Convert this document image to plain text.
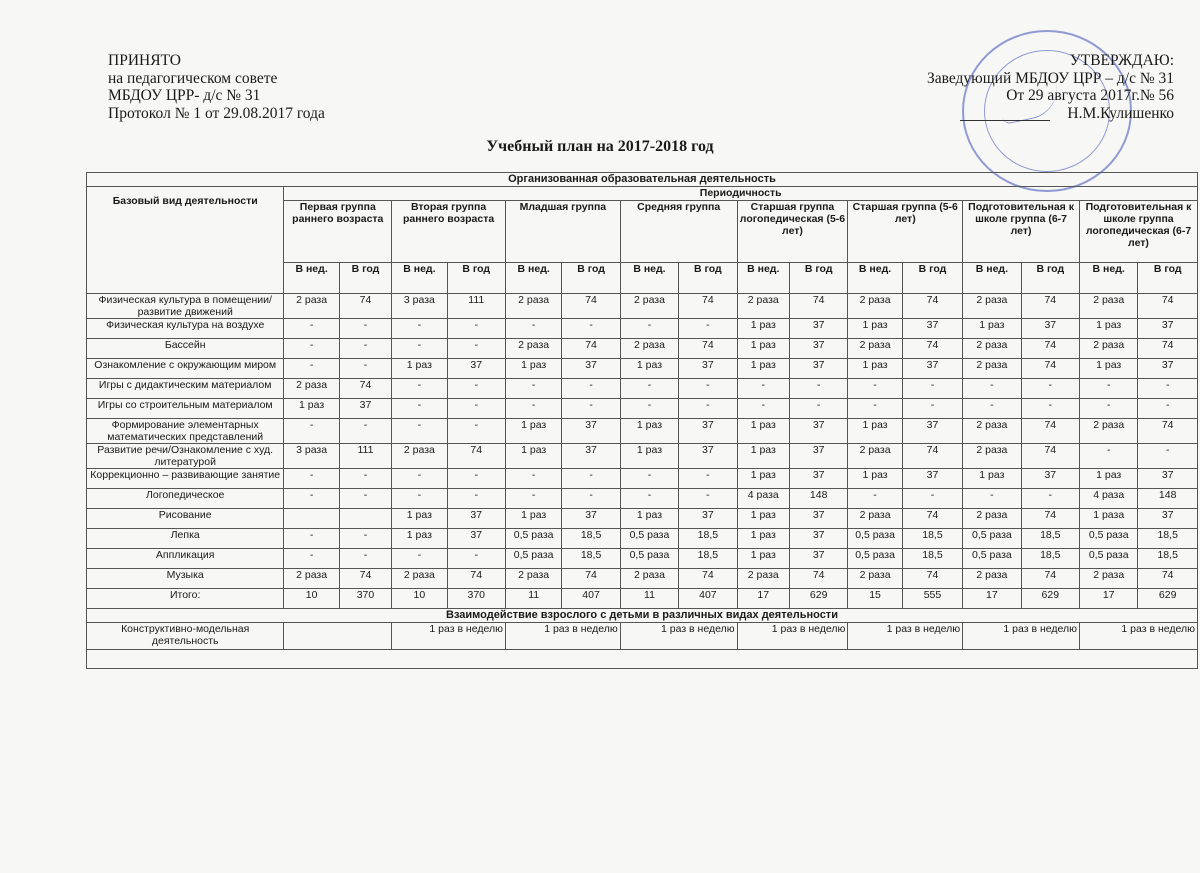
ПРИНЯТО
на педагогическом совете
МБДОУ ЦРР- д/с № 31
Протокол № 1 от 29.08.2017 года
УТВЕРЖДАЮ:
Заведующий МБДОУ ЦРР – д/с № 31
От 29 августа 2017г.№ 56
Н.М.Кулишенко
Учебный план на 2017-2018 год
Организованная образовательная деятельность																
Базовый вид деятельности	Периодичность															
	Первая группа раннего возраста		Вторая группа раннего возраста		Младшая группа		Средняя группа		Старшая группа логопедическая (5-6 лет)		Старшая группа (5-6 лет)		Подготовительная к школе группа (6-7 лет)		Подготовительная к школе группа логопедическая (6-7 лет)	
	В нед.	В год	В нед.	В год	В нед.	В год	В нед.	В год	В нед.	В год	В нед.	В год	В нед.	В год	В нед.	В год
Физическая культура в помещении/развитие движений	2 раза	74	3 раза	111	2 раза	74	2 раза	74	2 раза	74	2 раза	74	2 раза	74	2 раза	74
Физическая культура на воздухе	-	-	-	-	-	-	-	-	1 раз	37	1 раз	37	1 раз	37	1 раз	37
Бассейн	-	-	-	-	2 раза	74	2 раза	74	1 раз	37	2 раза	74	2 раза	74	2 раза	74
Ознакомление с окружающим миром	-	-	1 раз	37	1 раз	37	1 раз	37	1 раз	37	1 раз	37	2 раза	74	1 раз	37
Игры с дидактическим материалом	2 раза	74	-	-	-	-	-	-	-	-	-	-	-	-	-	-
Игры со строительным материалом	1 раз	37	-	-	-	-	-	-	-	-	-	-	-	-	-	-
Формирование элементарных математических представлений	-	-	-	-	1 раз	37	1 раз	37	1 раз	37	1 раз	37	2 раза	74	2 раза	74
Развитие речи/Ознакомление с худ. литературой	3 раза	111	2 раза	74	1 раз	37	1 раз	37	1 раз	37	2 раза	74	2 раза	74	-	-
Коррекционно – развивающие занятие	-	-	-	-	-	-	-	-	1 раз	37	1 раз	37	1 раз	37	1 раз	37
Логопедическое	-	-	-	-	-	-	-	-	4 раза	148	-	-	-	-	4 раза	148
Рисование			1 раз	37	1 раз	37	1 раз	37	1 раз	37	2 раза	74	2 раза	74	1 раза	37
Лепка	-	-	1 раз	37	0,5 раза	18,5	0,5 раза	18,5	1 раз	37	0,5 раза	18,5	0,5 раза	18,5	0,5 раза	18,5
Аппликация	-	-	-	-	0,5 раза	18,5	0,5 раза	18,5	1 раз	37	0,5 раза	18,5	0,5 раза	18,5	0,5 раза	18,5
Музыка	2 раза	74	2 раза	74	2 раза	74	2 раза	74	2 раза	74	2 раза	74	2 раза	74	2 раза	74
Итого:	10	370	10	370	11	407	11	407	17	629	15	555	17	629	17	629
Взаимодействие взрослого с детьми в различных видах деятельности																
Конструктивно-модельная деятельность			1 раз в неделю		1 раз в неделю		1 раз в неделю		1 раз в неделю		1 раз в неделю		1 раз в неделю		1 раз в неделю	
